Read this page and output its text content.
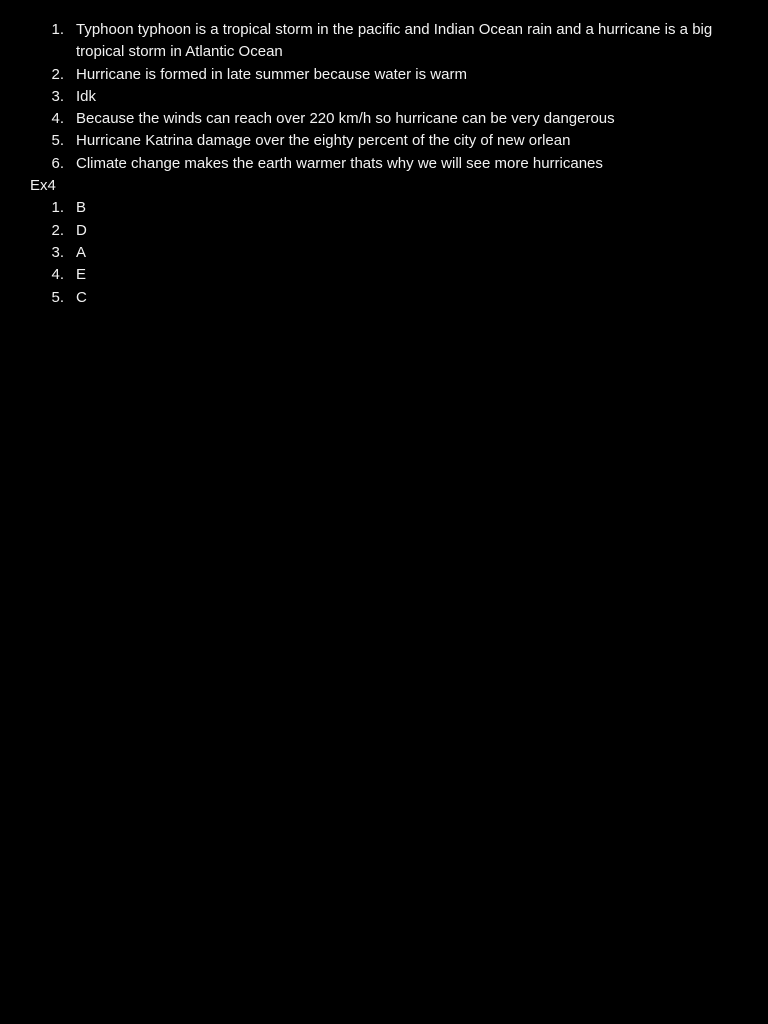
1. Typhoon typhoon is a tropical storm in the pacific and Indian Ocean rain and a hurricane is a big tropical storm in Atlantic Ocean
2. Hurricane is formed in late summer because water is warm
3. Idk
4. Because the winds can reach over 220 km/h so hurricane can be very dangerous
5. Hurricane Katrina damage over the eighty percent of the city of new orlean
6. Climate change makes the earth warmer thats why we will see more hurricanes
Ex4
1. B
2. D
3. A
4. E
5. C
